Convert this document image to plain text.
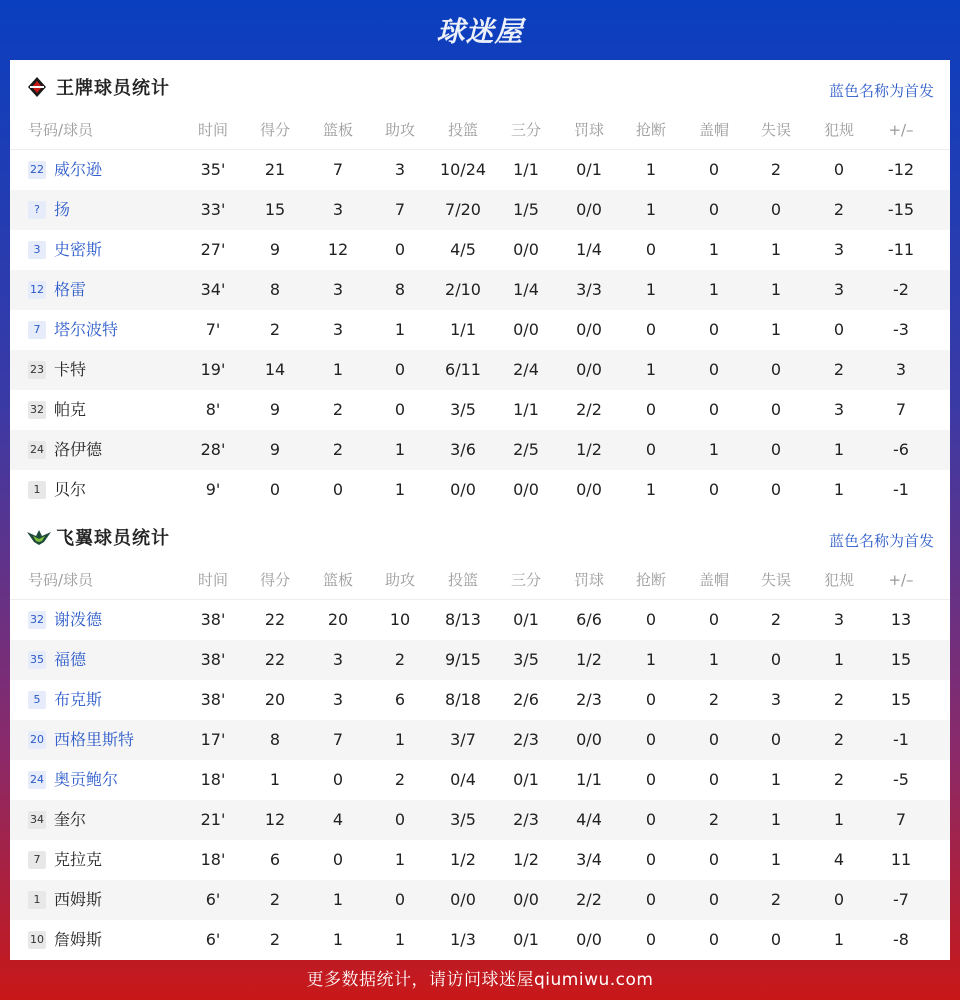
球迷屋
王牌球员统计	蓝色名称为首发
号码/球员	时间	得分	篮板	助攻	投篮	三分	罚球	抢断	盖帽	失误	犯规	+/–
22 威尔逊	35'	21	7	3	10/24	1/1	0/1	1	0	2	0	-12
? 扬	33'	15	3	7	7/20	1/5	0/0	1	0	0	2	-15
3 史密斯	27'	9	12	0	4/5	0/0	1/4	0	1	1	3	-11
12 格雷	34'	8	3	8	2/10	1/4	3/3	1	1	1	3	-2
7 塔尔波特	7'	2	3	1	1/1	0/0	0/0	0	0	1	0	-3
23 卡特	19'	14	1	0	6/11	2/4	0/0	1	0	0	2	3
32 帕克	8'	9	2	0	3/5	1/1	2/2	0	0	0	3	7
24 洛伊德	28'	9	2	1	3/6	2/5	1/2	0	1	0	1	-6
1 贝尔	9'	0	0	1	0/0	0/0	0/0	1	0	0	1	-1
飞翼球员统计	蓝色名称为首发
号码/球员	时间	得分	篮板	助攻	投篮	三分	罚球	抢断	盖帽	失误	犯规	+/–
32 谢泼德	38'	22	20	10	8/13	0/1	6/6	0	0	2	3	13
35 福德	38'	22	3	2	9/15	3/5	1/2	1	1	0	1	15
5 布克斯	38'	20	3	6	8/18	2/6	2/3	0	2	3	2	15
20 西格里斯特	17'	8	7	1	3/7	2/3	0/0	0	0	0	2	-1
24 奥贡鲍尔	18'	1	0	2	0/4	0/1	1/1	0	0	1	2	-5
34 奎尔	21'	12	4	0	3/5	2/3	4/4	0	2	1	1	7
7 克拉克	18'	6	0	1	1/2	1/2	3/4	0	0	1	4	11
1 西姆斯	6'	2	1	0	0/0	0/0	2/2	0	0	2	0	-7
10 詹姆斯	6'	2	1	1	1/3	0/1	0/0	0	0	0	1	-8
更多数据统计，请访问球迷屋qiumiwu.com
